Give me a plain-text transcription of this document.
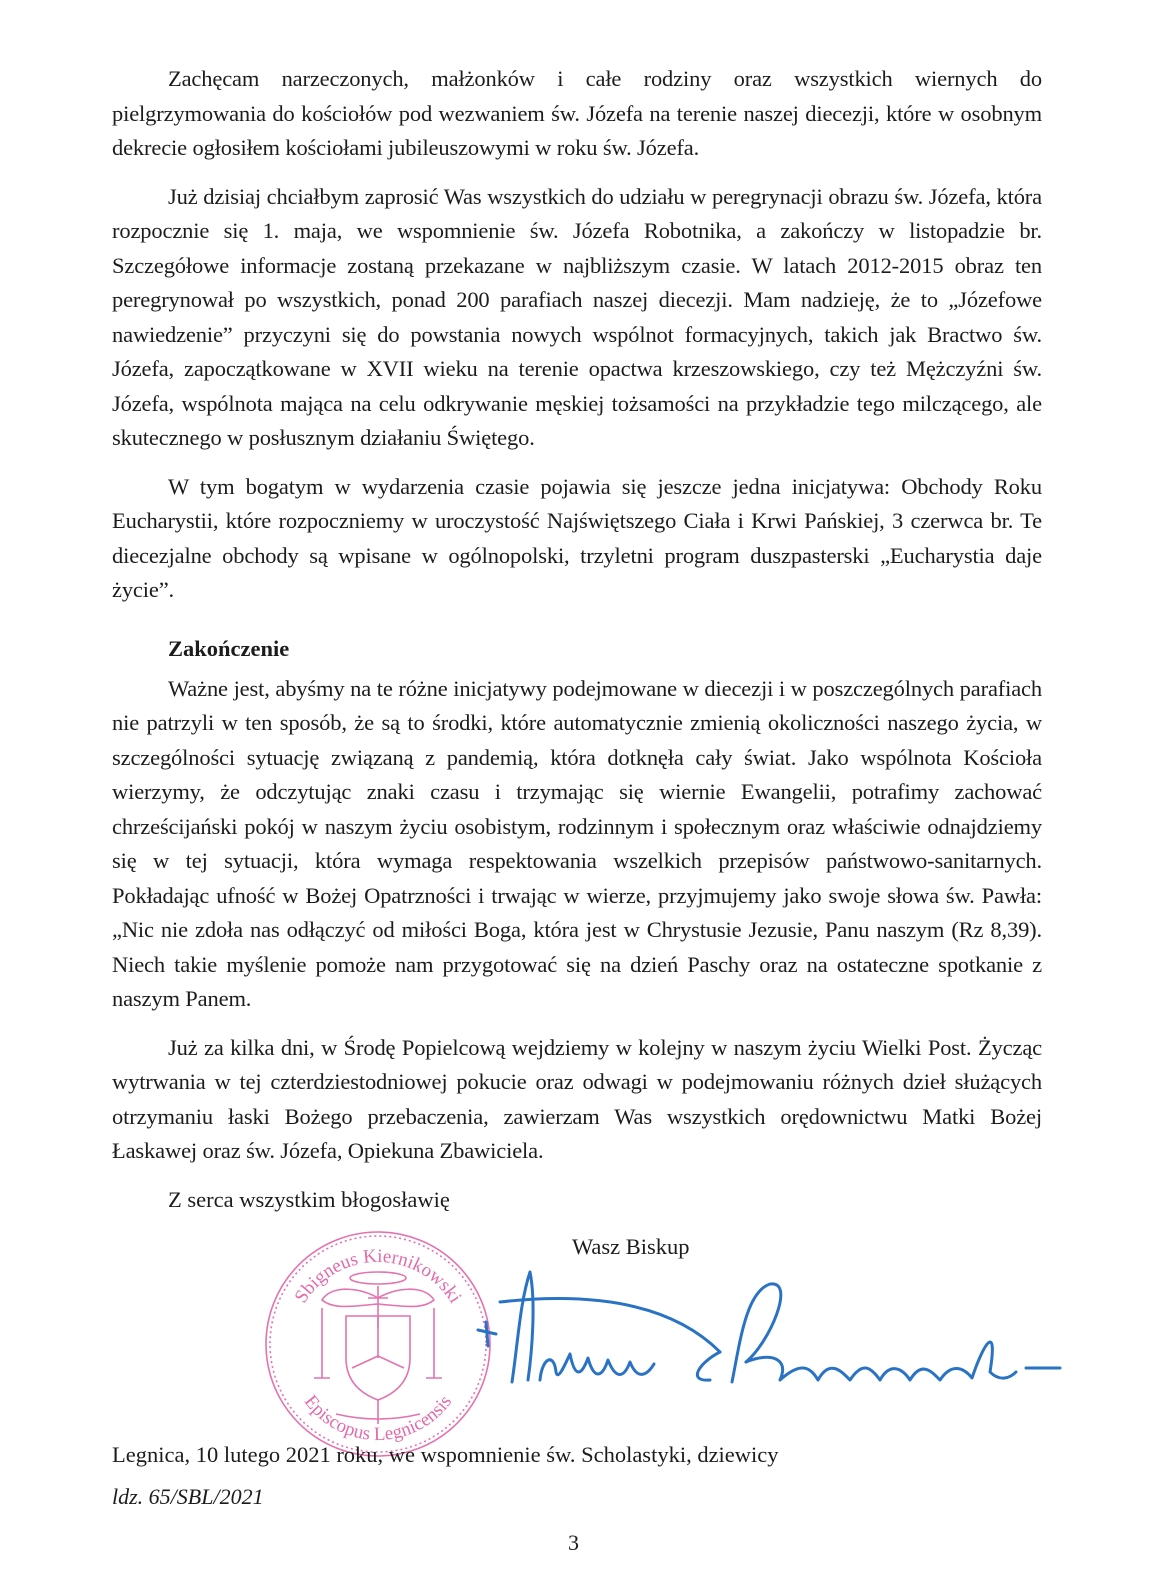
Zachęcam narzeczonych, małżonków i całe rodziny oraz wszystkich wiernych do pielgrzymowania do kościołów pod wezwaniem św. Józefa na terenie naszej diecezji, które w osobnym dekrecie ogłosiłem kościołami jubileuszowymi w roku św. Józefa.

Już dzisiaj chciałbym zaprosić Was wszystkich do udziału w peregrynacji obrazu św. Józefa, która rozpocznie się 1. maja, we wspomnienie św. Józefa Robotnika, a zakończy w listopadzie br. Szczegółowe informacje zostaną przekazane w najbliższym czasie. W latach 2012-2015 obraz ten peregrynował po wszystkich, ponad 200 parafiach naszej diecezji. Mam nadzieję, że to „Józefowe nawiedzenie” przyczyni się do powstania nowych wspólnot formacyjnych, takich jak Bractwo św. Józefa, zapoczątkowane w XVII wieku na terenie opactwa krzeszowskiego, czy też Mężczyźni św. Józefa, wspólnota mająca na celu odkrywanie męskiej tożsamości na przykładzie tego milczącego, ale skutecznego w posłusznym działaniu Świętego.

W tym bogatym w wydarzenia czasie pojawia się jeszcze jedna inicjatywa: Obchody Roku Eucharystii, które rozpoczniemy w uroczystość Najświętszego Ciała i Krwi Pańskiej, 3 czerwca br. Te diecezjalne obchody są wpisane w ogólnopolski, trzyletni program duszpasterski „Eucharystia daje życie”.

Zakończenie

Ważne jest, abyśmy na te różne inicjatywy podejmowane w diecezji i w poszczególnych parafiach nie patrzyli w ten sposób, że są to środki, które automatycznie zmienią okoliczności naszego życia, w szczególności sytuację związaną z pandemią, która dotknęła cały świat. Jako wspólnota Kościoła wierzymy, że odczytując znaki czasu i trzymając się wiernie Ewangelii, potrafimy zachować chrześcijański pokój w naszym życiu osobistym, rodzinnym i społecznym oraz właściwie odnajdziemy się w tej sytuacji, która wymaga respektowania wszelkich przepisów państwowo-sanitarnych. Pokładając ufność w Bożej Opatrzności i trwając w wierze, przyjmujemy jako swoje słowa św. Pawła: „Nic nie zdoła nas odłączyć od miłości Boga, która jest w Chrystusie Jezusie, Panu naszym (Rz 8,39). Niech takie myślenie pomoże nam przygotować się na dzień Paschy oraz na ostateczne spotkanie z naszym Panem.

Już za kilka dni, w Środę Popielcową wejdziemy w kolejny w naszym życiu Wielki Post. Życząc wytrwania w tej czterdziestodniowej pokucie oraz odwagi w podejmowaniu różnych dzieł służących otrzymaniu łaski Bożego przebaczenia, zawierzam Was wszystkich orędownictwu Matki Bożej Łaskawej oraz św. Józefa, Opiekuna Zbawiciela.

Z serca wszystkim błogosławię
Wasz Biskup
Sbigneus Kiernikowski
Episcopus Legnicensis
Legnica, 10 lutego 2021 roku, we wspomnienie św. Scholastyki, dziewicy
ldz. 65/SBL/2021
3
